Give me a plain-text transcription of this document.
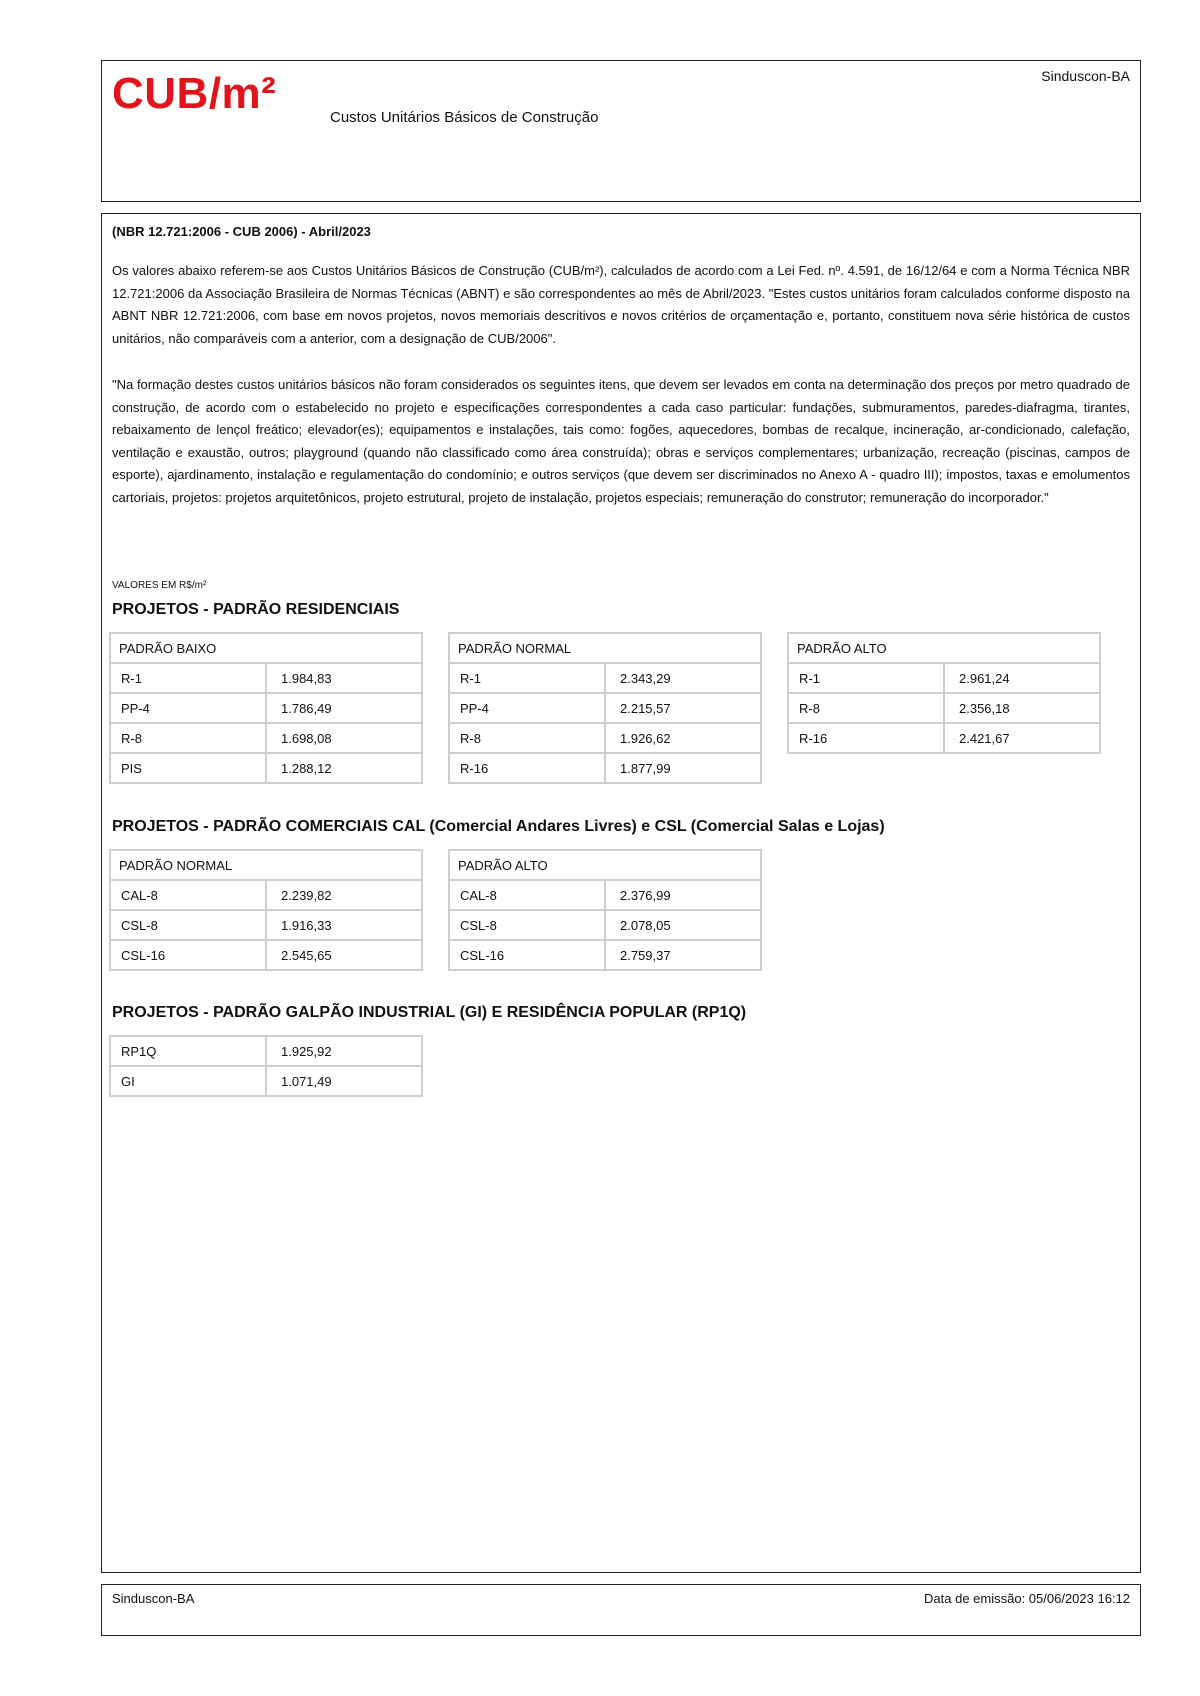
CUB/m²	Custos Unitários Básicos de Construção
Sinduscon-BA
(NBR 12.721:2006 - CUB 2006) - Abril/2023
Os valores abaixo referem-se aos Custos Unitários Básicos de Construção (CUB/m²), calculados de acordo com a Lei Fed. nº. 4.591, de 16/12/64 e com a Norma Técnica NBR 12.721:2006 da Associação Brasileira de Normas Técnicas (ABNT) e são correspondentes ao mês de Abril/2023. "Estes custos unitários foram calculados conforme disposto na ABNT NBR 12.721:2006, com base em novos projetos, novos memoriais descritivos e novos critérios de orçamentação e, portanto, constituem nova série histórica de custos unitários, não comparáveis com a anterior, com a designação de CUB/2006".
"Na formação destes custos unitários básicos não foram considerados os seguintes itens, que devem ser levados em conta na determinação dos preços por metro quadrado de construção, de acordo com o estabelecido no projeto e especificações correspondentes a cada caso particular: fundações, submuramentos, paredes-diafragma, tirantes, rebaixamento de lençol freático; elevador(es); equipamentos e instalações, tais como: fogões, aquecedores, bombas de recalque, incineração, ar-condicionado, calefação, ventilação e exaustão, outros; playground (quando não classificado como área construída); obras e serviços complementares; urbanização, recreação (piscinas, campos de esporte), ajardinamento, instalação e regulamentação do condomínio; e outros serviços (que devem ser discriminados no Anexo A - quadro III); impostos, taxas e emolumentos cartoriais, projetos: projetos arquitetônicos, projeto estrutural, projeto de instalação, projetos especiais; remuneração do construtor; remuneração do incorporador."
VALORES EM R$/m²
PROJETOS - PADRÃO RESIDENCIAIS
PADRÃO BAIXO	
R-1	1.984,83
PP-4	1.786,49
R-8	1.698,08
PIS	1.288,12
PADRÃO NORMAL	
R-1	2.343,29
PP-4	2.215,57
R-8	1.926,62
R-16	1.877,99
PADRÃO ALTO	
R-1	2.961,24
R-8	2.356,18
R-16	2.421,67
PROJETOS - PADRÃO COMERCIAIS CAL (Comercial Andares Livres) e CSL (Comercial Salas e Lojas)
PADRÃO NORMAL	
CAL-8	2.239,82
CSL-8	1.916,33
CSL-16	2.545,65
PADRÃO ALTO	
CAL-8	2.376,99
CSL-8	2.078,05
CSL-16	2.759,37
PROJETOS - PADRÃO GALPÃO INDUSTRIAL (GI) E RESIDÊNCIA POPULAR (RP1Q)
RP1Q	1.925,92
GI	1.071,49
Sinduscon-BA	Data de emissão: 05/06/2023 16:12
